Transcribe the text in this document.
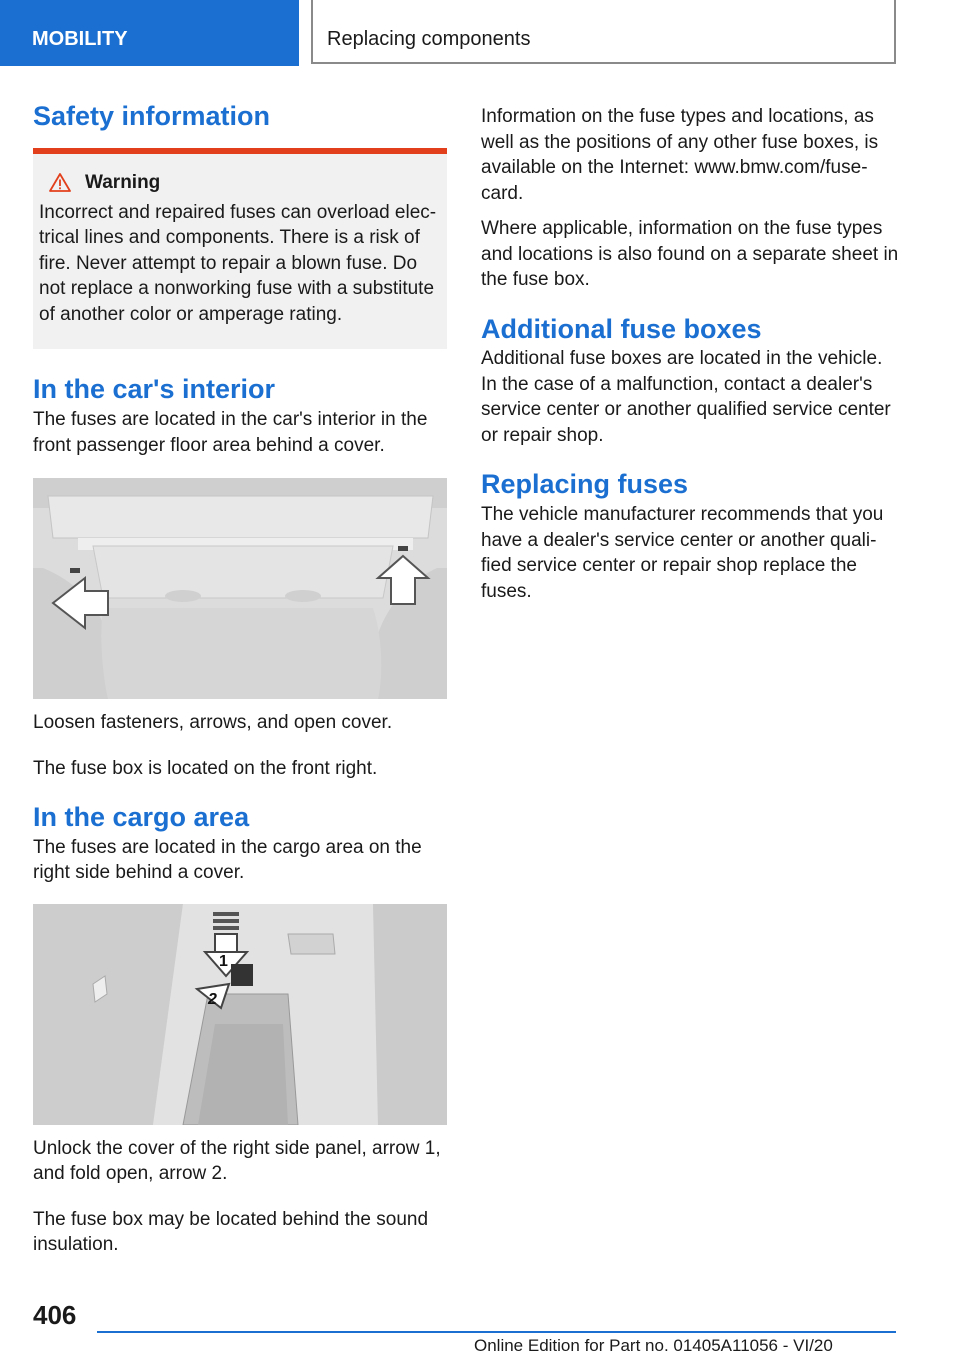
MOBILITY	Replacing components
Safety information
Warning

Incorrect and repaired fuses can overload electrical lines and components. There is a risk of fire. Never attempt to repair a blown fuse. Do not replace a nonworking fuse with a substitute of another color or amperage rating.

In the car's interior

The fuses are located in the car's interior in the front passenger floor area behind a cover.

Loosen fasteners, arrows, and open cover.

The fuse box is located on the front right.

In the cargo area

The fuses are located in the cargo area on the right side behind a cover.

1
2

Unlock the cover of the right side panel, arrow 1, and fold open, arrow 2.

The fuse box may be located behind the sound insulation.

Information on the fuse types and locations, as well as the positions of any other fuse boxes, is available on the Internet: www.bmw.com/fuse-card.

Where applicable, information on the fuse types and locations is also found on a separate sheet in the fuse box.

Additional fuse boxes

Additional fuse boxes are located in the vehicle. In the case of a malfunction, contact a dealer's service center or another qualified service center or repair shop.

Replacing fuses

The vehicle manufacturer recommends that you have a dealer's service center or another qualified service center or repair shop replace the fuses.

406
Online Edition for Part no. 01405A11056 - VI/20
